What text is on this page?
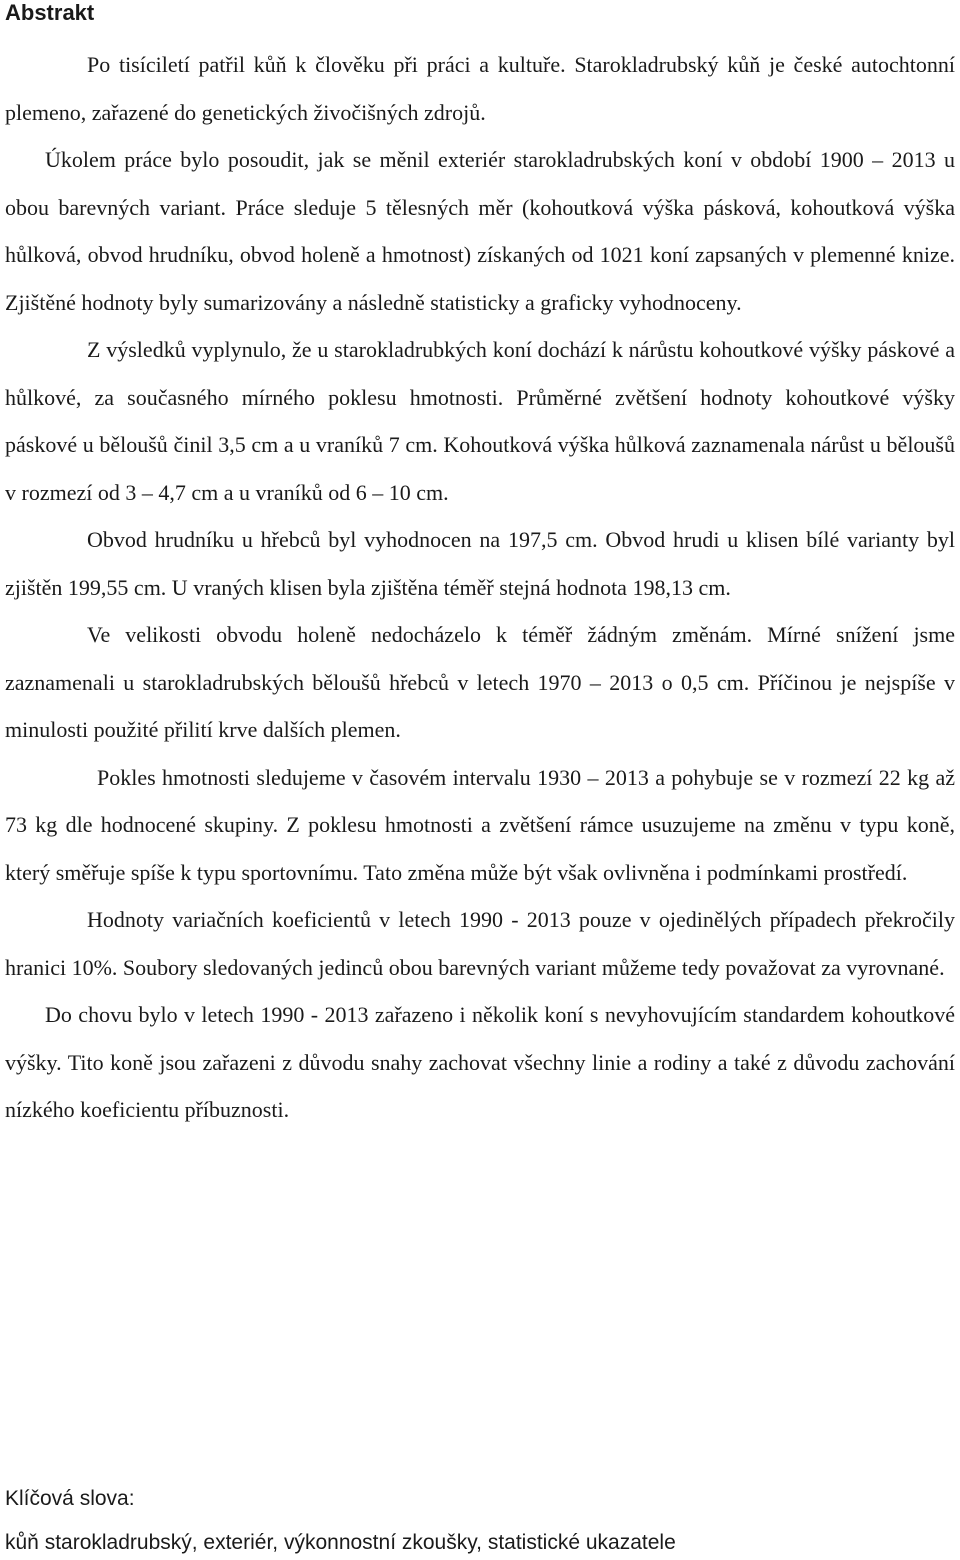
Abstrakt

Po tisíciletí patřil kůň k člověku při práci a kultuře. Starokladrubský kůň je české autochtonní plemeno, zařazené do genetických živočišných zdrojů.

Úkolem práce bylo posoudit, jak se měnil exteriér starokladrubských koní v období 1900 – 2013 u obou barevných variant. Práce sleduje 5 tělesných měr (kohoutková výška pásková, kohoutková výška hůlková, obvod hrudníku, obvod holeně a hmotnost) získaných od 1021 koní zapsaných v plemenné knize. Zjištěné hodnoty byly sumarizovány a následně statisticky a graficky vyhodnoceny.

Z výsledků vyplynulo, že u starokladrubkých koní dochází k nárůstu kohoutkové výšky páskové a hůlkové, za současného mírného poklesu hmotnosti. Průměrné zvětšení hodnoty kohoutkové výšky páskové u běloušů činil 3,5 cm a u vraníků 7 cm. Kohoutková výška hůlková zaznamenala nárůst u běloušů v rozmezí od 3 – 4,7 cm a u vraníků od 6 – 10 cm.

Obvod hrudníku u hřebců byl vyhodnocen na 197,5 cm. Obvod hrudi u klisen bílé varianty byl zjištěn 199,55 cm. U vraných klisen byla zjištěna téměř stejná hodnota 198,13 cm.

Ve velikosti obvodu holeně nedocházelo k téměř žádným změnám. Mírné snížení jsme zaznamenali u starokladrubských běloušů hřebců v letech 1970 – 2013 o 0,5 cm. Příčinou je nejspíše v minulosti použité přilití krve dalších plemen.

Pokles hmotnosti sledujeme v časovém intervalu 1930 – 2013 a pohybuje se v rozmezí 22 kg až 73 kg dle hodnocené skupiny. Z poklesu hmotnosti a zvětšení rámce usuzujeme na změnu v typu koně, který směřuje spíše k typu sportovnímu. Tato změna může být však ovlivněna i podmínkami prostředí.

Hodnoty variačních koeficientů v letech 1990 - 2013 pouze v ojedinělých případech překročily hranici 10%. Soubory sledovaných jedinců obou barevných variant můžeme tedy považovat za vyrovnané.

Do chovu bylo v letech 1990 - 2013 zařazeno i několik koní s nevyhovujícím standardem kohoutkové výšky. Tito koně jsou zařazeni z důvodu snahy zachovat všechny linie a rodiny a také z důvodu zachování nízkého koeficientu příbuznosti.

Klíčová slova:

kůň starokladrubský, exteriér, výkonnostní zkoušky, statistické ukazatele
